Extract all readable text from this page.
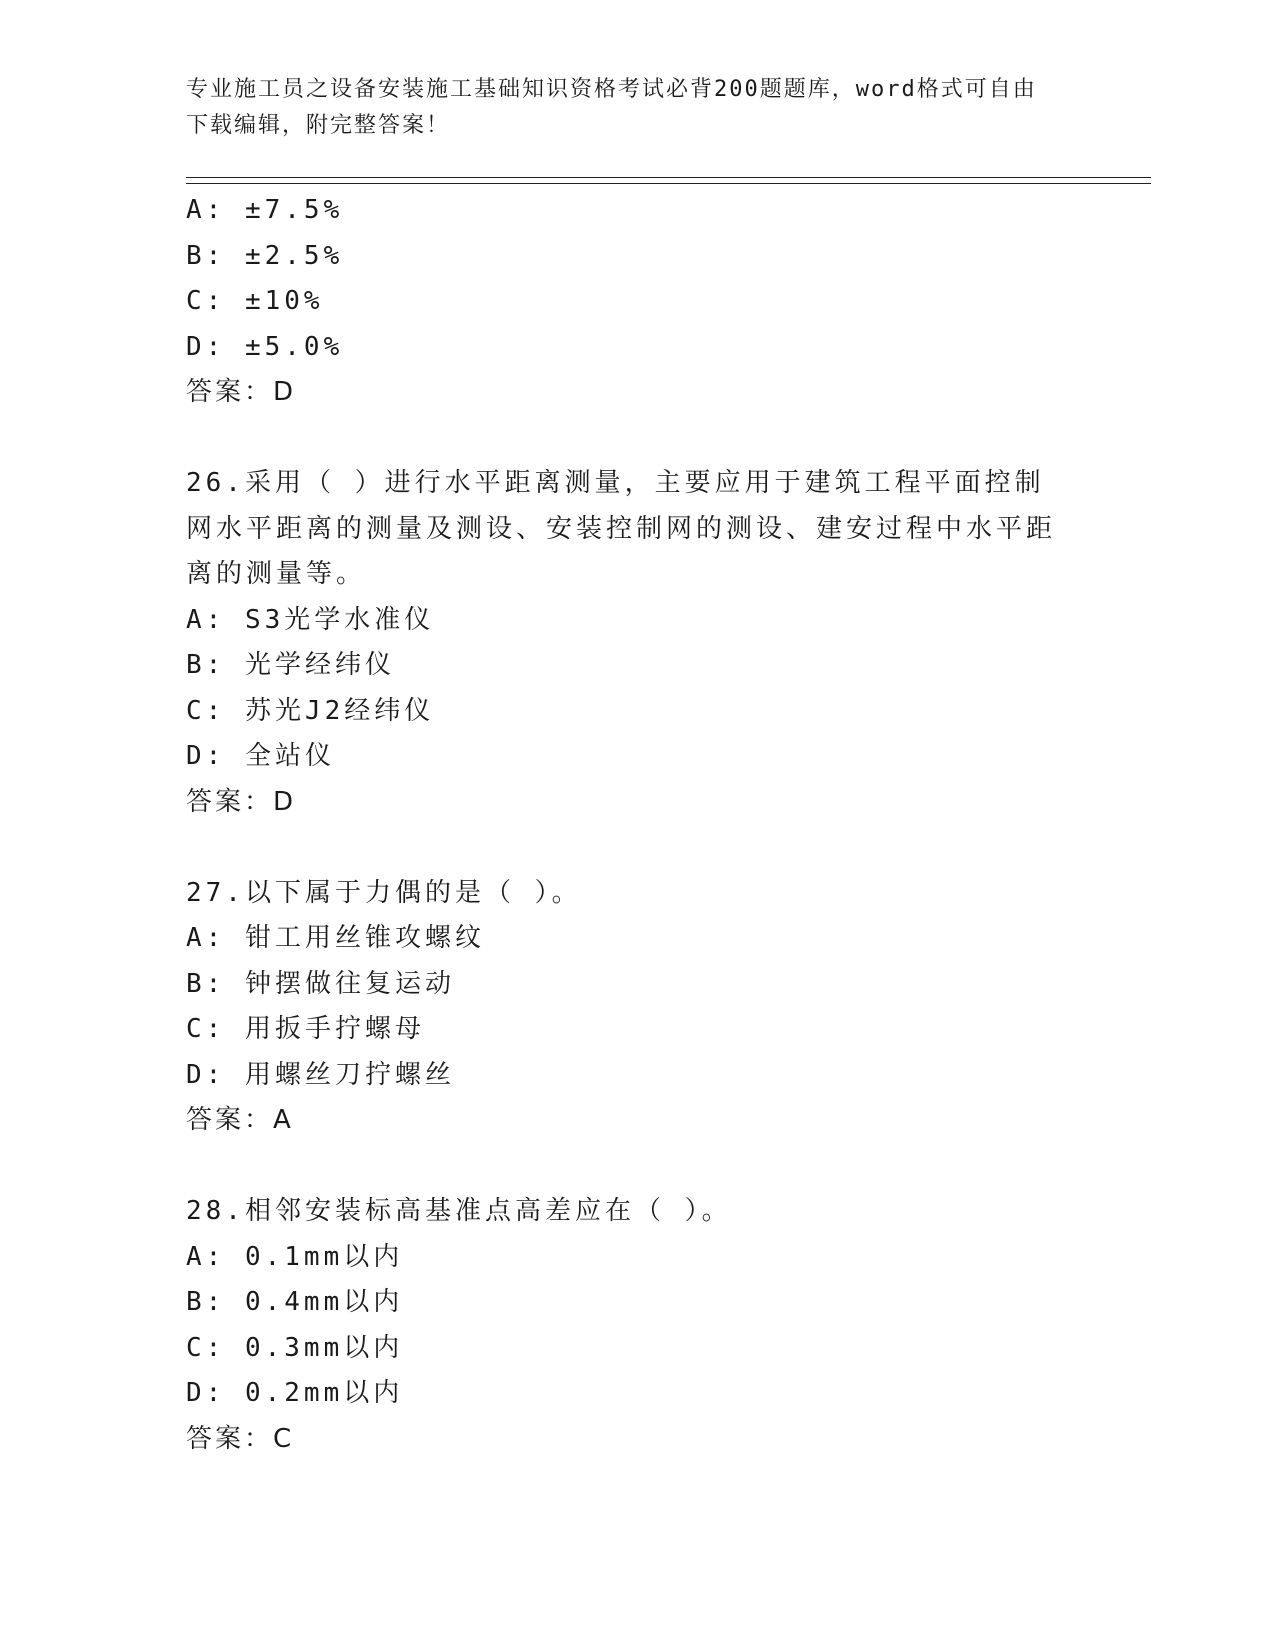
专业施工员之设备安装施工基础知识资格考试必背200题题库，word格式可自由
下载编辑，附完整答案！
A: ±7.5%
B: ±2.5%
C: ±10%
D: ±5.0%
答案：D
26.采用（ ）进行水平距离测量，主要应用于建筑工程平面控制网水平距离的测量及测设、安装控制网的测设、建安过程中水平距离的测量等。
A: S3光学水准仪
B: 光学经纬仪
C: 苏光J2经纬仪
D: 全站仪
答案：D
27.以下属于力偶的是（ ）。
A: 钳工用丝锥攻螺纹
B: 钟摆做往复运动
C: 用扳手拧螺母
D: 用螺丝刀拧螺丝
答案：A
28.相邻安装标高基准点高差应在（ ）。
A: 0.1mm以内
B: 0.4mm以内
C: 0.3mm以内
D: 0.2mm以内
答案：C
